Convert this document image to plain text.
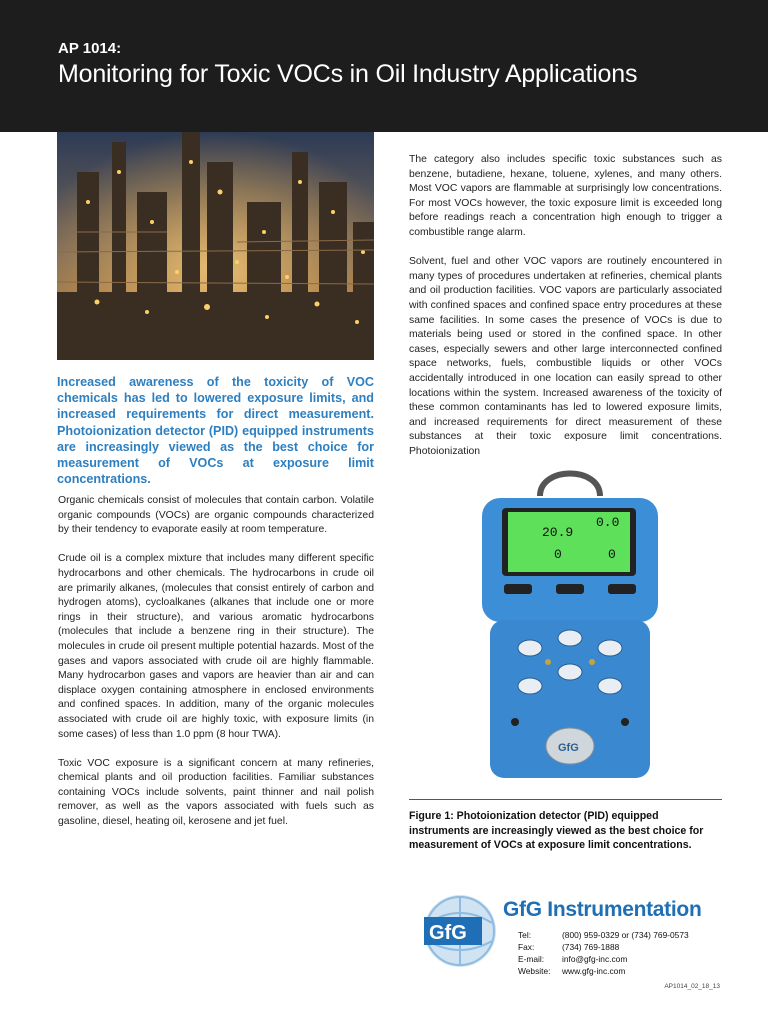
AP 1014:
Monitoring for Toxic VOCs in Oil Industry Applications
Increased awareness of the toxicity of VOC chemicals has led to lowered exposure limits, and increased requirements for direct measurement. Photoionization detector (PID) equipped instruments are increasingly viewed as the best choice for measurement of VOCs at exposure limit concentrations.

Organic chemicals consist of molecules that contain carbon. Volatile organic compounds (VOCs) are organic compounds characterized by their tendency to evaporate easily at room temperature.

Crude oil is a complex mixture that includes many different specific hydrocarbons and other chemicals. The hydrocarbons in crude oil are primarily alkanes, (molecules that consist entirely of carbon and hydrogen atoms), cycloalkanes (alkanes that include one or more rings in their structure), and various aromatic hydrocarbons (molecules that include a benzene ring in their structure). The molecules in crude oil present multiple potential hazards. Most of the gases and vapors associated with crude oil are highly flammable. Many hydrocarbon gases and vapors are heavier than air and can displace oxygen containing atmosphere in enclosed environments and confined spaces. In addition, many of the organic molecules associated with crude oil are highly toxic, with exposure limits (in some cases) of less than 1.0 ppm (8 hour TWA).

Toxic VOC exposure is a significant concern at many refineries, chemical plants and oil production facilities. Familiar substances containing VOCs include solvents, paint thinner and nail polish remover, as well as the vapors associated with fuels such as gasoline, diesel, heating oil, kerosene and jet fuel.

The category also includes specific toxic substances such as benzene, butadiene, hexane, toluene, xylenes, and many others. Most VOC vapors are flammable at surprisingly low concentrations. For most VOCs however, the toxic exposure limit is exceeded long before readings reach a concentration high enough to trigger a combustible range alarm.

Solvent, fuel and other VOC vapors are routinely encountered in many types of procedures undertaken at refineries, chemical plants and oil production facilities. VOC vapors are particularly associated with confined spaces and confined space entry procedures at these same facilities. In some cases the presence of VOCs is due to materials being used or stored in the confined space. In other cases, especially sewers and other large interconnected confined space networks, fuels, combustible liquids or other VOCs accidentally introduced in one location can easily spread to other locations within the system. Increased awareness of the toxicity of these common contaminants has led to lowered exposure limits, and increased requirements for direct measurement of these substances at their toxic exposure limit concentrations. Photoionization

20.9
0.0
0	0
GfG
Figure 1: Photoionization detector (PID) equipped instruments are increasingly viewed as the best choice for measurement of VOCs at exposure limit concentrations.
GfG
GfG Instrumentation
Tel:	(800) 959-0329 or (734) 769-0573
Fax:	(734) 769-1888
E-mail:	info@gfg-inc.com
Website:	www.gfg-inc.com
AP1014_02_18_13
